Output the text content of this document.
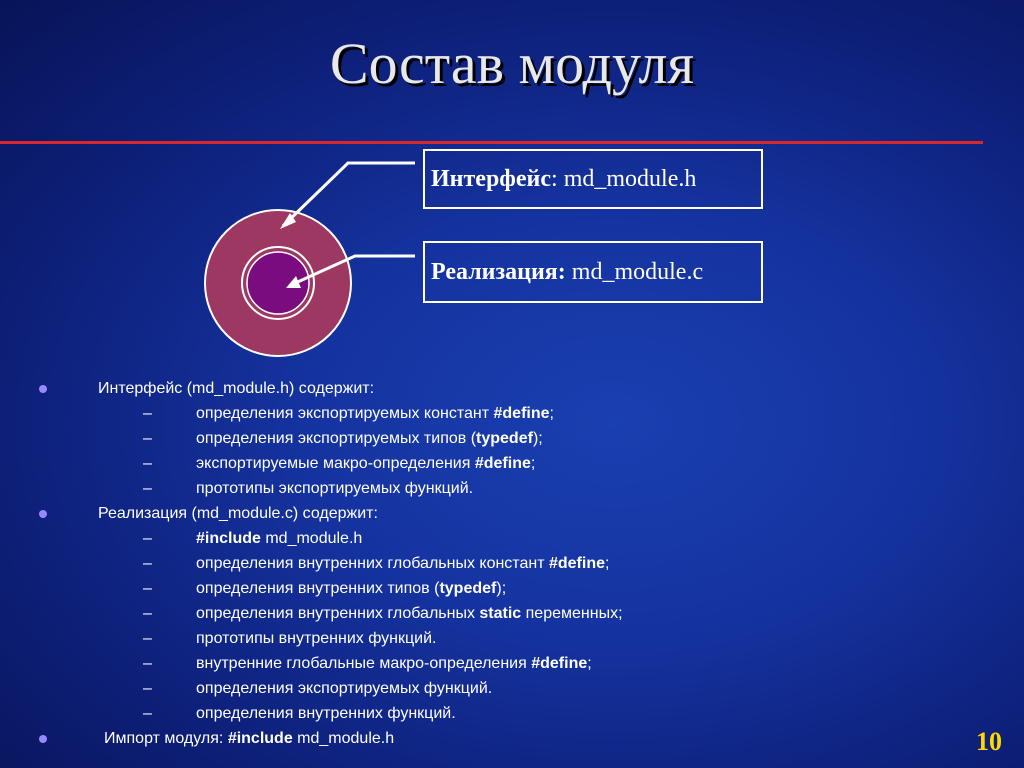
Состав модуля
Интерфейс : md_module.h
Реализация: md_module.c
Интерфейс (md_module.h) содержит:
–	определения экспортируемых констант #define;
–	определения экспортируемых типов (typedef);
–	экспортируемые макро-определения #define;
–	прототипы экспортируемых функций.
Реализация (md_module.c) содержит:
–	#include md_module.h
–	определения внутренних глобальных констант #define;
–	определения внутренних типов (typedef);
–	определения внутренних глобальных static переменных;
–	прототипы внутренних функций.
–	внутренние глобальные макро-определения #define;
–	определения экспортируемых функций.
–	определения внутренних функций.
Импорт модуля: #include md_module.h	10
